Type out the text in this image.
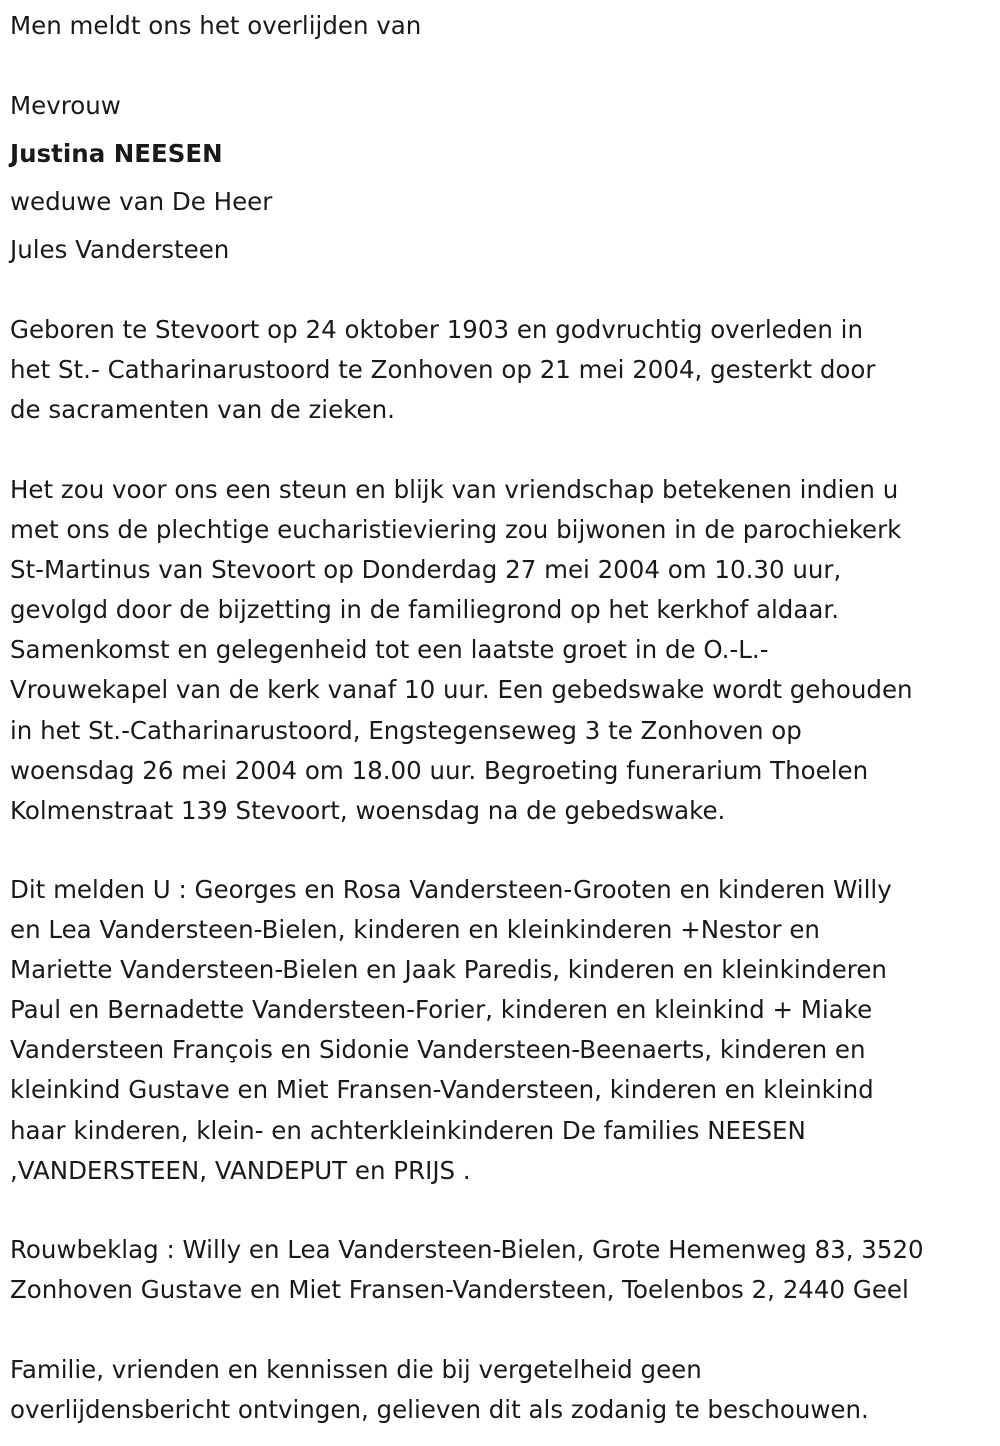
Men meldt ons het overlijden van
Mevrouw
Justina NEESEN
weduwe van De Heer
Jules Vandersteen
Geboren te Stevoort op 24 oktober 1903 en godvruchtig overleden in
het St.- Catharinarustoord te Zonhoven op 21 mei 2004, gesterkt door
de sacramenten van de zieken.
Het zou voor ons een steun en blijk van vriendschap betekenen indien u
met ons de plechtige eucharistieviering zou bijwonen in de parochiekerk
St-Martinus van Stevoort op Donderdag 27 mei 2004 om 10.30 uur,
gevolgd door de bijzetting in de familiegrond op het kerkhof aldaar.
Samenkomst en gelegenheid tot een laatste groet in de O.-L.-
Vrouwekapel van de kerk vanaf 10 uur. Een gebedswake wordt gehouden
in het St.-Catharinarustoord, Engstegenseweg 3 te Zonhoven op
woensdag 26 mei 2004 om 18.00 uur. Begroeting funerarium Thoelen
Kolmenstraat 139 Stevoort, woensdag na de gebedswake.
Dit melden U : Georges en Rosa Vandersteen-Grooten en kinderen Willy
en Lea Vandersteen-Bielen, kinderen en kleinkinderen +Nestor en
Mariette Vandersteen-Bielen en Jaak Paredis, kinderen en kleinkinderen
Paul en Bernadette Vandersteen-Forier, kinderen en kleinkind + Miake
Vandersteen François en Sidonie Vandersteen-Beenaerts, kinderen en
kleinkind Gustave en Miet Fransen-Vandersteen, kinderen en kleinkind
haar kinderen, klein- en achterkleinkinderen De families NEESEN
,VANDERSTEEN, VANDEPUT en PRIJS .
Rouwbeklag : Willy en Lea Vandersteen-Bielen, Grote Hemenweg 83, 3520
Zonhoven Gustave en Miet Fransen-Vandersteen, Toelenbos 2, 2440 Geel
Familie, vrienden en kennissen die bij vergetelheid geen
overlijdensbericht ontvingen, gelieven dit als zodanig te beschouwen.
